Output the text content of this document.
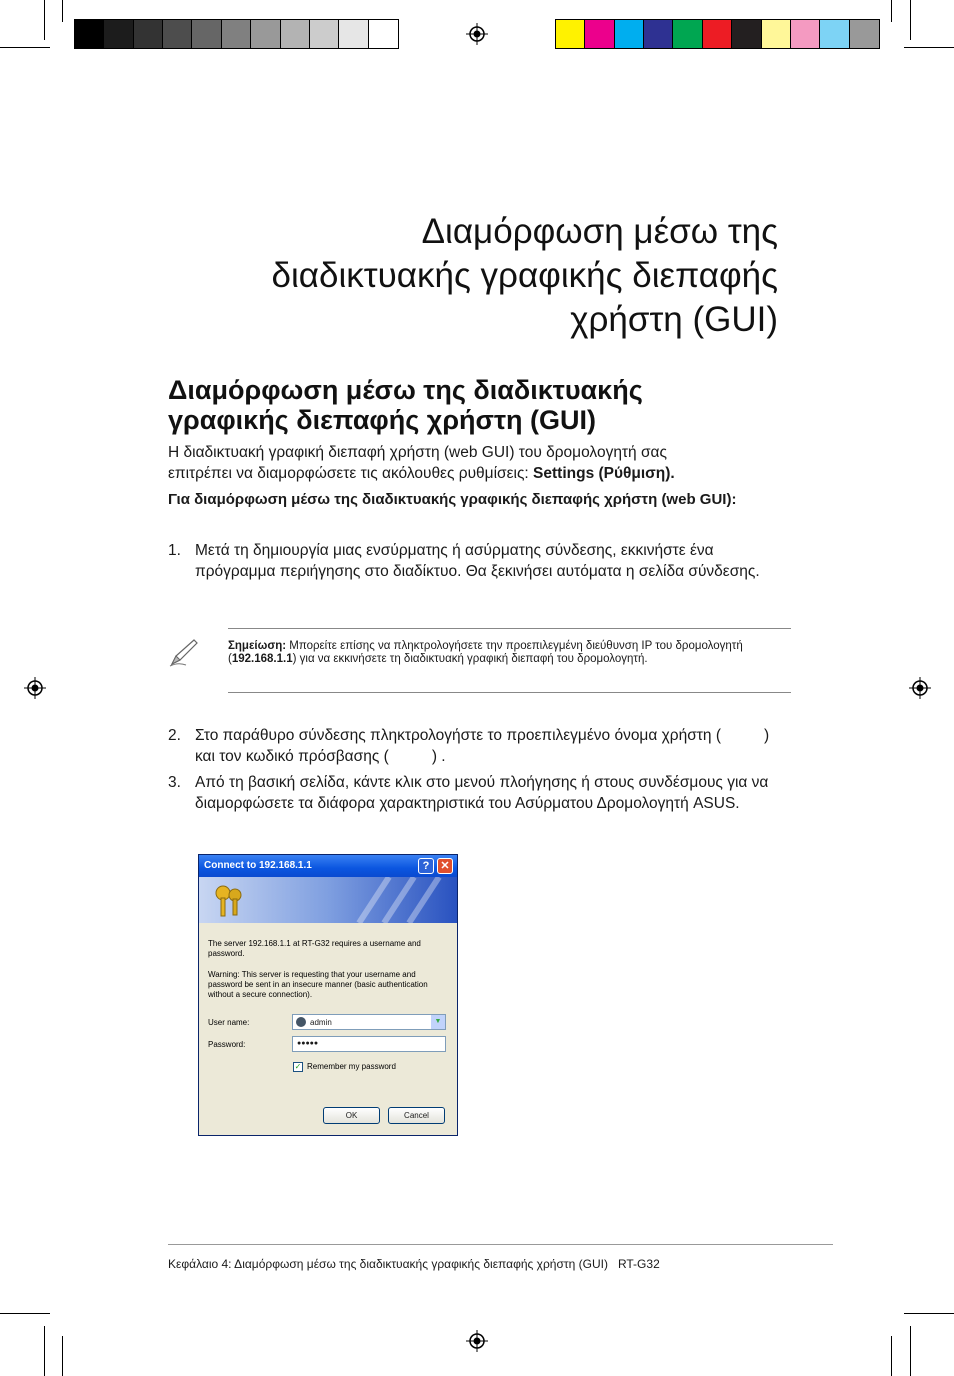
Διαμόρφωση μέσω της
διαδικτυακής γραφικής διεπαφής
χρήστη (GUI)
Διαμόρφωση μέσω της διαδικτυακής
γραφικής διεπαφής χρήστη (GUI)
Η διαδικτυακή γραφική διεπαφή χρήστη (web GUI) του δρομολογητή σας
επιτρέπει να διαμορφώσετε τις ακόλουθες ρυθμίσεις: Settings (Ρύθμιση).
Για διαμόρφωση μέσω της διαδικτυακής γραφικής διεπαφής χρήστη (web GUI):
1. Μετά τη δημιουργία μιας ενσύρματης ή ασύρματης σύνδεσης, εκκινήστε ένα πρόγραμμα περιήγησης στο διαδίκτυο. Θα ξεκινήσει αυτόματα η σελίδα σύνδεσης.
Σημείωση: Μπορείτε επίσης να πληκτρολογήσετε την προεπιλεγμένη διεύθυνση IP του δρομολογητή (192.168.1.1) για να εκκινήσετε τη διαδικτυακή γραφική διεπαφή του δρομολογητή.
2. Στο παράθυρο σύνδεσης πληκτρολογήστε το προεπιλεγμένο όνομα χρήστη (          ) και τον κωδικό πρόσβασης (          ) .
3. Από τη βασική σελίδα, κάντε κλικ στο μενού πλοήγησης ή στους συνδέσμους για να διαμορφώσετε τα διάφορα χαρακτηριστικά του Ασύρματου Δρομολογητή ASUS.
Connect to 192.168.1.1	?	✕
The server 192.168.1.1 at RT-G32 requires a username and password.
Warning: This server is requesting that your username and password be sent in an insecure manner (basic authentication without a secure connection).
User name:	admin	▼
Password:	●●●●●
✓ Remember my password
OK	Cancel
Κεφάλαιο 4: Διαμόρφωση μέσω της διαδικτυακής γραφικής διεπαφής χρήστη (GUI)   RT-G32
